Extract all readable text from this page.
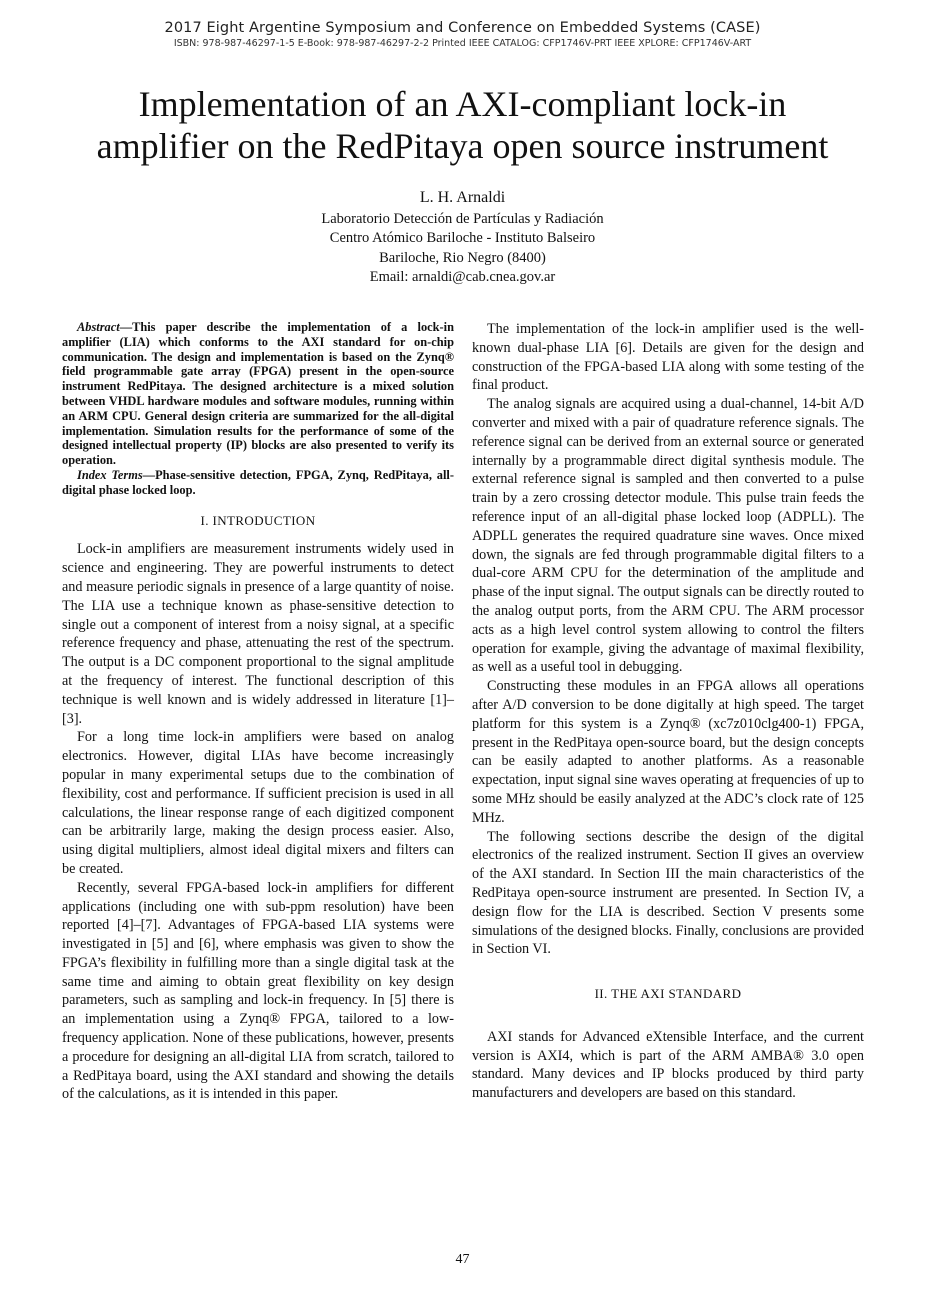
2017 Eight Argentine Symposium and Conference on Embedded Systems (CASE)
ISBN: 978-987-46297-1-5 E-Book: 978-987-46297-2-2 Printed IEEE CATALOG: CFP1746V-PRT IEEE XPLORE: CFP1746V-ART
Implementation of an AXI-compliant lock-in
amplifier on the RedPitaya open source instrument
L. H. Arnaldi
Laboratorio Detección de Partículas y Radiación
Centro Atómico Bariloche - Instituto Balseiro
Bariloche, Rio Negro (8400)
Email: arnaldi@cab.cnea.gov.ar

Abstract—This paper describe the implementation of a lock-in amplifier (LIA) which conforms to the AXI standard for on-chip communication. The design and implementation is based on the Zynq® field programmable gate array (FPGA) present in the open-source instrument RedPitaya. The designed architecture is a mixed solution between VHDL hardware modules and software modules, running within an ARM CPU. General design criteria are summarized for the all-digital implementation. Simulation results for the performance of some of the designed intellectual property (IP) blocks are also presented to verify its operation.

Index Terms—Phase-sensitive detection, FPGA, Zynq, RedPitaya, all-digital phase locked loop.

I. INTRODUCTION

Lock-in amplifiers are measurement instruments widely used in science and engineering. They are powerful instruments to detect and measure periodic signals in presence of a large quantity of noise. The LIA use a technique known as phase-sensitive detection to single out a component of interest from a noisy signal, at a specific reference frequency and phase, attenuating the rest of the spectrum. The output is a DC component proportional to the signal amplitude at the frequency of interest. The functional description of this technique is well known and is widely addressed in literature [1]–[3].

For a long time lock-in amplifiers were based on analog electronics. However, digital LIAs have become increasingly popular in many experimental setups due to the combination of flexibility, cost and performance. If sufficient precision is used in all calculations, the linear response range of each digitized component can be arbitrarily large, making the design process easier. Also, using digital multipliers, almost ideal digital mixers and filters can be created.

Recently, several FPGA-based lock-in amplifiers for different applications (including one with sub-ppm resolution) have been reported [4]–[7]. Advantages of FPGA-based LIA systems were investigated in [5] and [6], where emphasis was given to show the FPGA’s flexibility in fulfilling more than a single digital task at the same time and aiming to obtain great flexibility on key design parameters, such as sampling and lock-in frequency. In [5] there is an implementation using a Zynq® FPGA, tailored to a low-frequency application. None of these publications, however, presents a procedure for designing an all-digital LIA from scratch, tailored to a RedPitaya board, using the AXI standard and showing the details of the calculations, as it is intended in this paper.

The implementation of the lock-in amplifier used is the well-known dual-phase LIA [6]. Details are given for the design and construction of the FPGA-based LIA along with some testing of the final product.

The analog signals are acquired using a dual-channel, 14-bit A/D converter and mixed with a pair of quadrature reference signals. The reference signal can be derived from an external source or generated internally by a programmable direct digital synthesis module. The external reference signal is sampled and then converted to a pulse train by a zero crossing detector module. This pulse train feeds the reference input of an all-digital phase locked loop (ADPLL). The ADPLL generates the required quadrature sine waves. Once mixed down, the signals are fed through programmable digital filters to a dual-core ARM CPU for the determination of the amplitude and phase of the input signal. The output signals can be directly routed to the analog output ports, from the ARM CPU. The ARM processor acts as a high level control system allowing to control the filters operation for example, giving the advantage of maximal flexibility, as well as a useful tool in debugging.

Constructing these modules in an FPGA allows all operations after A/D conversion to be done digitally at high speed. The target platform for this system is a Zynq® (xc7z010clg400-1) FPGA, present in the RedPitaya open-source board, but the design concepts can be easily adapted to another platforms. As a reasonable expectation, input signal sine waves operating at frequencies of up to some MHz should be easily analyzed at the ADC’s clock rate of 125 MHz.

The following sections describe the design of the digital electronics of the realized instrument. Section II gives an overview of the AXI standard. In Section III the main characteristics of the RedPitaya open-source instrument are presented. In Section IV, a design flow for the LIA is described. Section V presents some simulations of the designed blocks. Finally, conclusions are provided in Section VI.

II. THE AXI STANDARD

AXI stands for Advanced eXtensible Interface, and the current version is AXI4, which is part of the ARM AMBA® 3.0 open standard. Many devices and IP blocks produced by third party manufacturers and developers are based on this standard.

47
